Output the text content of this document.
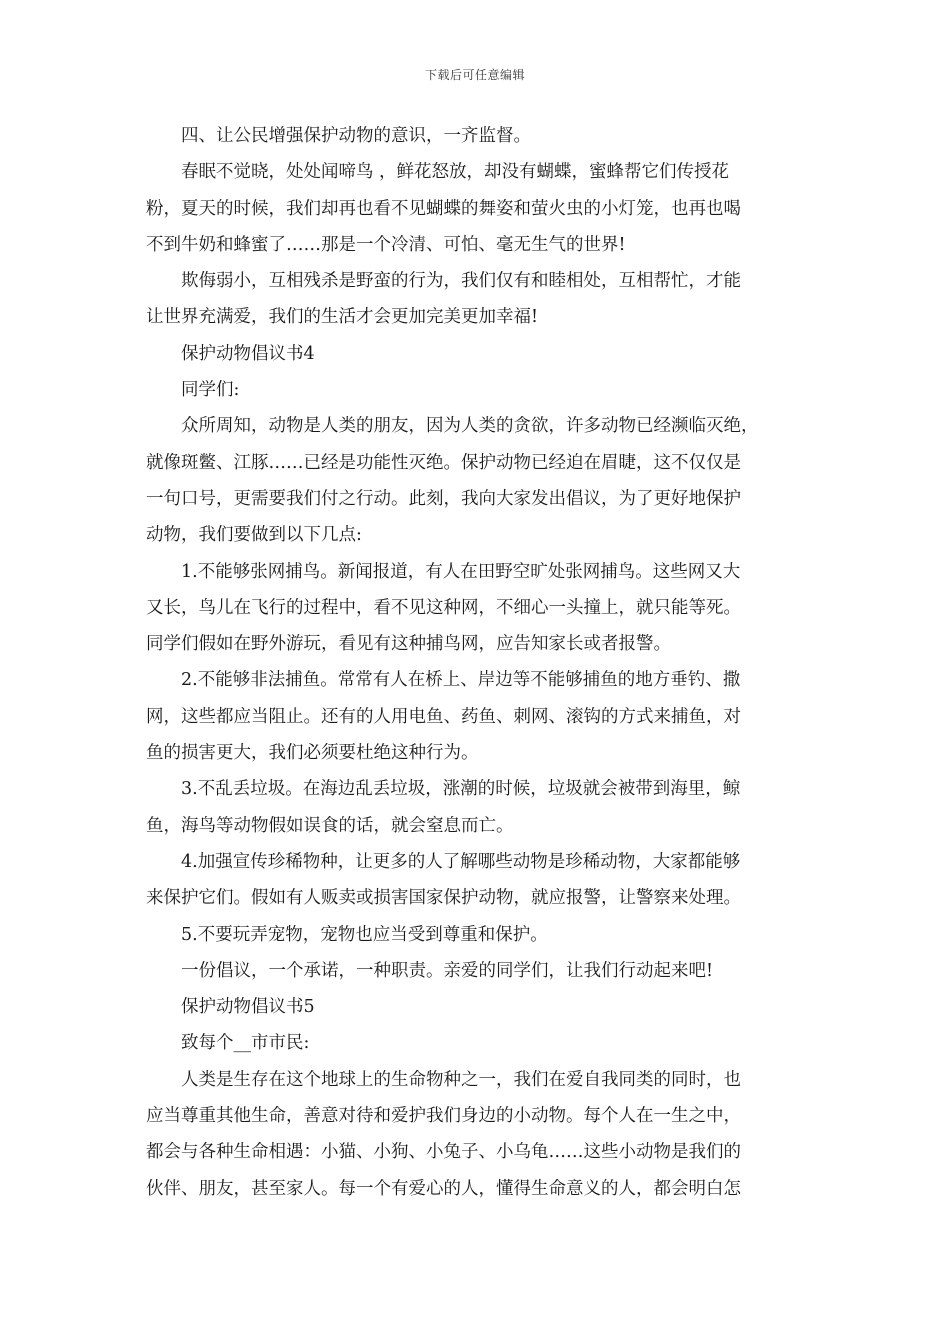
下载后可任意编辑
四、让公民增强保护动物的意识，一齐监督。
春眠不觉晓，处处闻啼鸟 ，鲜花怒放，却没有蝴蝶，蜜蜂帮它们传授花
粉，夏天的时候，我们却再也看不见蝴蝶的舞姿和萤火虫的小灯笼，也再也喝
不到牛奶和蜂蜜了……那是一个冷清、可怕、毫无生气的世界!
欺侮弱小，互相残杀是野蛮的行为，我们仅有和睦相处，互相帮忙，才能
让世界充满爱，我们的生活才会更加完美更加幸福!
保护动物倡议书4
同学们:
众所周知，动物是人类的朋友，因为人类的贪欲，许多动物已经濒临灭绝，
就像斑鳖、江豚……已经是功能性灭绝。保护动物已经迫在眉睫，这不仅仅是
一句口号，更需要我们付之行动。此刻，我向大家发出倡议，为了更好地保护
动物，我们要做到以下几点:
1.不能够张网捕鸟。新闻报道，有人在田野空旷处张网捕鸟。这些网又大
又长，鸟儿在飞行的过程中，看不见这种网，不细心一头撞上，就只能等死。
同学们假如在野外游玩，看见有这种捕鸟网，应告知家长或者报警。
2.不能够非法捕鱼。常常有人在桥上、岸边等不能够捕鱼的地方垂钓、撒
网，这些都应当阻止。还有的人用电鱼、药鱼、刺网、滚钩的方式来捕鱼，对
鱼的损害更大，我们必须要杜绝这种行为。
3.不乱丢垃圾。在海边乱丢垃圾，涨潮的时候，垃圾就会被带到海里，鲸
鱼，海鸟等动物假如误食的话，就会窒息而亡。
4.加强宣传珍稀物种，让更多的人了解哪些动物是珍稀动物，大家都能够
来保护它们。假如有人贩卖或损害国家保护动物，就应报警，让警察来处理。
5.不要玩弄宠物，宠物也应当受到尊重和保护。
一份倡议，一个承诺，一种职责。亲爱的同学们，让我们行动起来吧!
保护动物倡议书5
致每个__市市民:
人类是生存在这个地球上的生命物种之一，我们在爱自我同类的同时，也
应当尊重其他生命，善意对待和爱护我们身边的小动物。每个人在一生之中，
都会与各种生命相遇：小猫、小狗、小兔子、小乌龟……这些小动物是我们的
伙伴、朋友，甚至家人。每一个有爱心的人，懂得生命意义的人，都会明白怎
